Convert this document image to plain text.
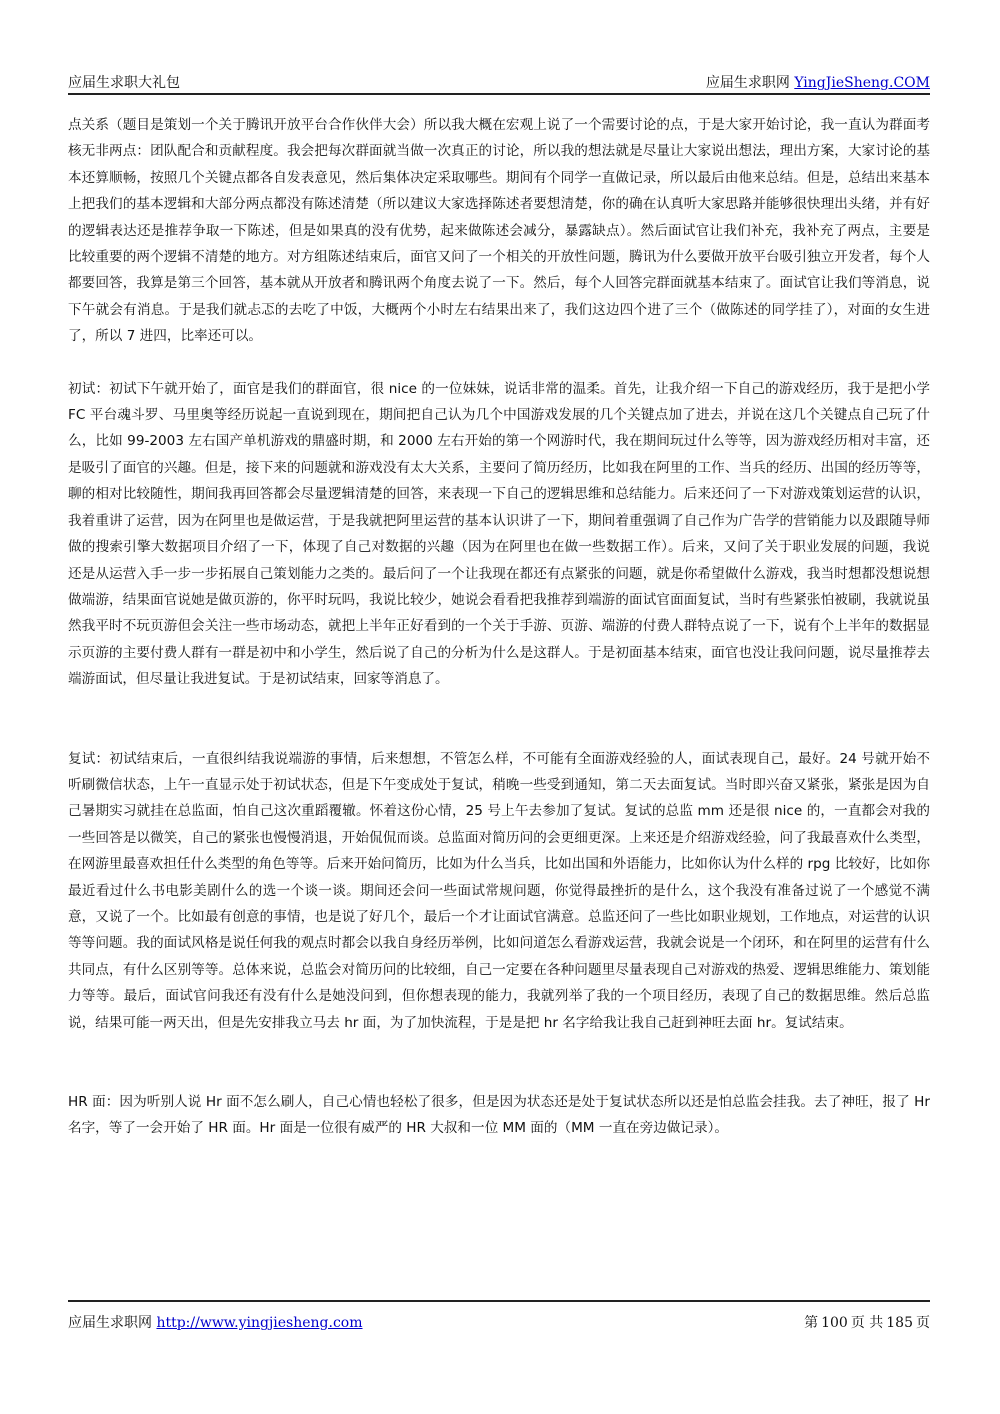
应届生求职大礼包	应届生求职网 YingJieSheng.COM

点关系（题目是策划一个关于腾讯开放平台合作伙伴大会）所以我大概在宏观上说了一个需要讨论的点，于是大家开始讨论，我一直认为群面考核无非两点：团队配合和贡献程度。我会把每次群面就当做一次真正的讨论，所以我的想法就是尽量让大家说出想法，理出方案，大家讨论的基本还算顺畅，按照几个关键点都各自发表意见，然后集体决定采取哪些。期间有个同学一直做记录，所以最后由他来总结。但是，总结出来基本上把我们的基本逻辑和大部分两点都没有陈述清楚（所以建议大家选择陈述者要想清楚，你的确在认真听大家思路并能够很快理出头绪，并有好的逻辑表达还是推荐争取一下陈述，但是如果真的没有优势，起来做陈述会减分，暴露缺点）。然后面试官让我们补充，我补充了两点，主要是比较重要的两个逻辑不清楚的地方。对方组陈述结束后，面官又问了一个相关的开放性问题，腾讯为什么要做开放平台吸引独立开发者，每个人都要回答，我算是第三个回答，基本就从开放者和腾讯两个角度去说了一下。然后，每个人回答完群面就基本结束了。面试官让我们等消息，说下午就会有消息。于是我们就忐忑的去吃了中饭，大概两个小时左右结果出来了，我们这边四个进了三个（做陈述的同学挂了），对面的女生进了，所以 7 进四，比率还可以。

初试：初试下午就开始了，面官是我们的群面官，很 nice 的一位妹妹，说话非常的温柔。首先，让我介绍一下自己的游戏经历，我于是把小学 FC 平台魂斗罗、马里奥等经历说起一直说到现在，期间把自己认为几个中国游戏发展的几个关键点加了进去，并说在这几个关键点自己玩了什么，比如 99-2003 左右国产单机游戏的鼎盛时期，和 2000 左右开始的第一个网游时代，我在期间玩过什么等等，因为游戏经历相对丰富，还是吸引了面官的兴趣。但是，接下来的问题就和游戏没有太大关系，主要问了简历经历，比如我在阿里的工作、当兵的经历、出国的经历等等，聊的相对比较随性，期间我再回答都会尽量逻辑清楚的回答，来表现一下自己的逻辑思维和总结能力。后来还问了一下对游戏策划运营的认识，我着重讲了运营，因为在阿里也是做运营，于是我就把阿里运营的基本认识讲了一下，期间着重强调了自己作为广告学的营销能力以及跟随导师做的搜索引擎大数据项目介绍了一下，体现了自己对数据的兴趣（因为在阿里也在做一些数据工作）。后来，又问了关于职业发展的问题，我说还是从运营入手一步一步拓展自己策划能力之类的。最后问了一个让我现在都还有点紧张的问题，就是你希望做什么游戏，我当时想都没想说想做端游，结果面官说她是做页游的，你平时玩吗，我说比较少，她说会看看把我推荐到端游的面试官面面复试，当时有些紧张怕被刷，我就说虽然我平时不玩页游但会关注一些市场动态，就把上半年正好看到的一个关于手游、页游、端游的付费人群特点说了一下，说有个上半年的数据显示页游的主要付费人群有一群是初中和小学生，然后说了自己的分析为什么是这群人。于是初面基本结束，面官也没让我问问题，说尽量推荐去端游面试，但尽量让我进复试。于是初试结束，回家等消息了。

复试：初试结束后，一直很纠结我说端游的事情，后来想想，不管怎么样，不可能有全面游戏经验的人，面试表现自己，最好。24 号就开始不听刷微信状态，上午一直显示处于初试状态，但是下午变成处于复试，稍晚一些受到通知，第二天去面复试。当时即兴奋又紧张，紧张是因为自己暑期实习就挂在总监面，怕自己这次重蹈覆辙。怀着这份心情，25 号上午去参加了复试。复试的总监 mm 还是很 nice 的，一直都会对我的一些回答是以微笑，自己的紧张也慢慢消退，开始侃侃而谈。总监面对简历问的会更细更深。上来还是介绍游戏经验，问了我最喜欢什么类型，在网游里最喜欢担任什么类型的角色等等。后来开始问简历，比如为什么当兵，比如出国和外语能力，比如你认为什么样的 rpg 比较好，比如你最近看过什么书电影美剧什么的选一个谈一谈。期间还会问一些面试常规问题，你觉得最挫折的是什么，这个我没有准备过说了一个感觉不满意，又说了一个。比如最有创意的事情，也是说了好几个，最后一个才让面试官满意。总监还问了一些比如职业规划，工作地点，对运营的认识等等问题。我的面试风格是说任何我的观点时都会以我自身经历举例，比如问道怎么看游戏运营，我就会说是一个闭环，和在阿里的运营有什么共同点，有什么区别等等。总体来说，总监会对简历问的比较细，自己一定要在各种问题里尽量表现自己对游戏的热爱、逻辑思维能力、策划能力等等。最后，面试官问我还有没有什么是她没问到，但你想表现的能力，我就列举了我的一个项目经历，表现了自己的数据思维。然后总监说，结果可能一两天出，但是先安排我立马去 hr 面，为了加快流程，于是是把 hr 名字给我让我自己赶到神旺去面 hr。复试结束。

HR 面：因为听别人说 Hr 面不怎么刷人，自己心情也轻松了很多，但是因为状态还是处于复试状态所以还是怕总监会挂我。去了神旺，报了 Hr 名字，等了一会开始了 HR 面。Hr 面是一位很有威严的 HR 大叔和一位 MM 面的（MM 一直在旁边做记录）。

应届生求职网 http://www.yingjiesheng.com	第 100 页 共 185 页
